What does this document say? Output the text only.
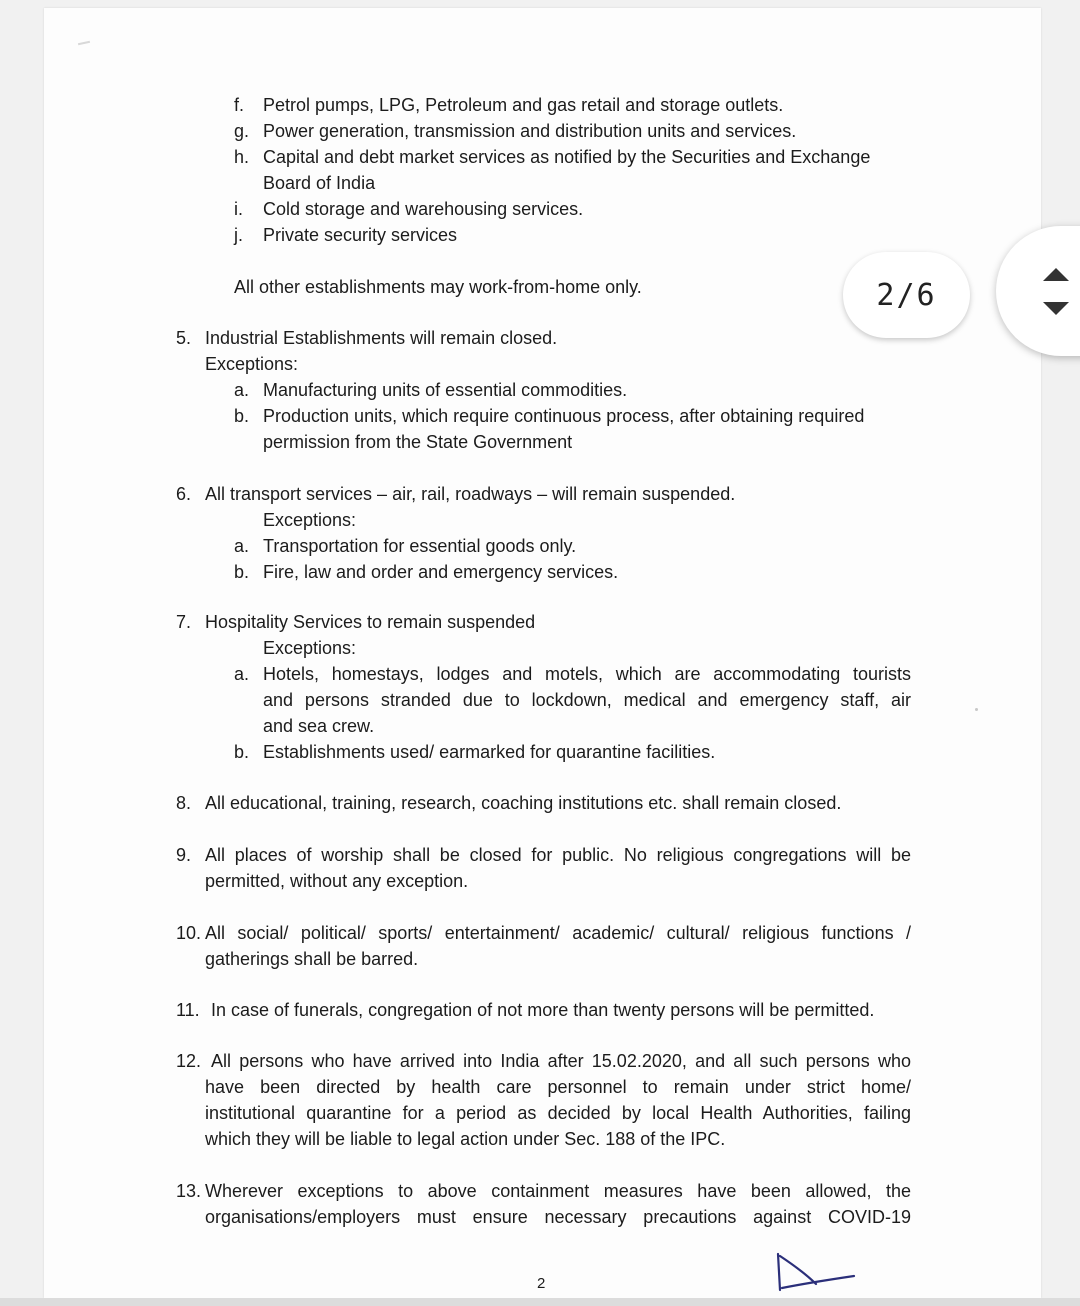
f. Petrol pumps, LPG, Petroleum and gas retail and storage outlets.
g. Power generation, transmission and distribution units and services.
h. Capital and debt market services as notified by the Securities and Exchange
Board of India
i. Cold storage and warehousing services.
j. Private security services
All other establishments may work-from-home only.
5. Industrial Establishments will remain closed.
Exceptions:
a. Manufacturing units of essential commodities.
b. Production units, which require continuous process, after obtaining required
permission from the State Government
6. All transport services – air, rail, roadways – will remain suspended.
Exceptions:
a. Transportation for essential goods only.
b. Fire, law and order and emergency services.
7. Hospitality Services to remain suspended
Exceptions:
a. Hotels, homestays, lodges and motels, which are accommodating tourists
and persons stranded due to lockdown, medical and emergency staff, air
and sea crew.
b. Establishments used/ earmarked for quarantine facilities.
8. All educational, training, research, coaching institutions etc. shall remain closed.
9. All places of worship shall be closed for public. No religious congregations will be
permitted, without any exception.
10. All social/ political/ sports/ entertainment/ academic/ cultural/ religious functions /
gatherings shall be barred.
11. In case of funerals, congregation of not more than twenty persons will be permitted.
12. All persons who have arrived into India after 15.02.2020, and all such persons who
have been directed by health care personnel to remain under strict home/
institutional quarantine for a period as decided by local Health Authorities, failing
which they will be liable to legal action under Sec. 188 of the IPC.
13. Wherever exceptions to above containment measures have been allowed, the
organisations/employers must ensure necessary precautions against COVID-19
2
2/6
